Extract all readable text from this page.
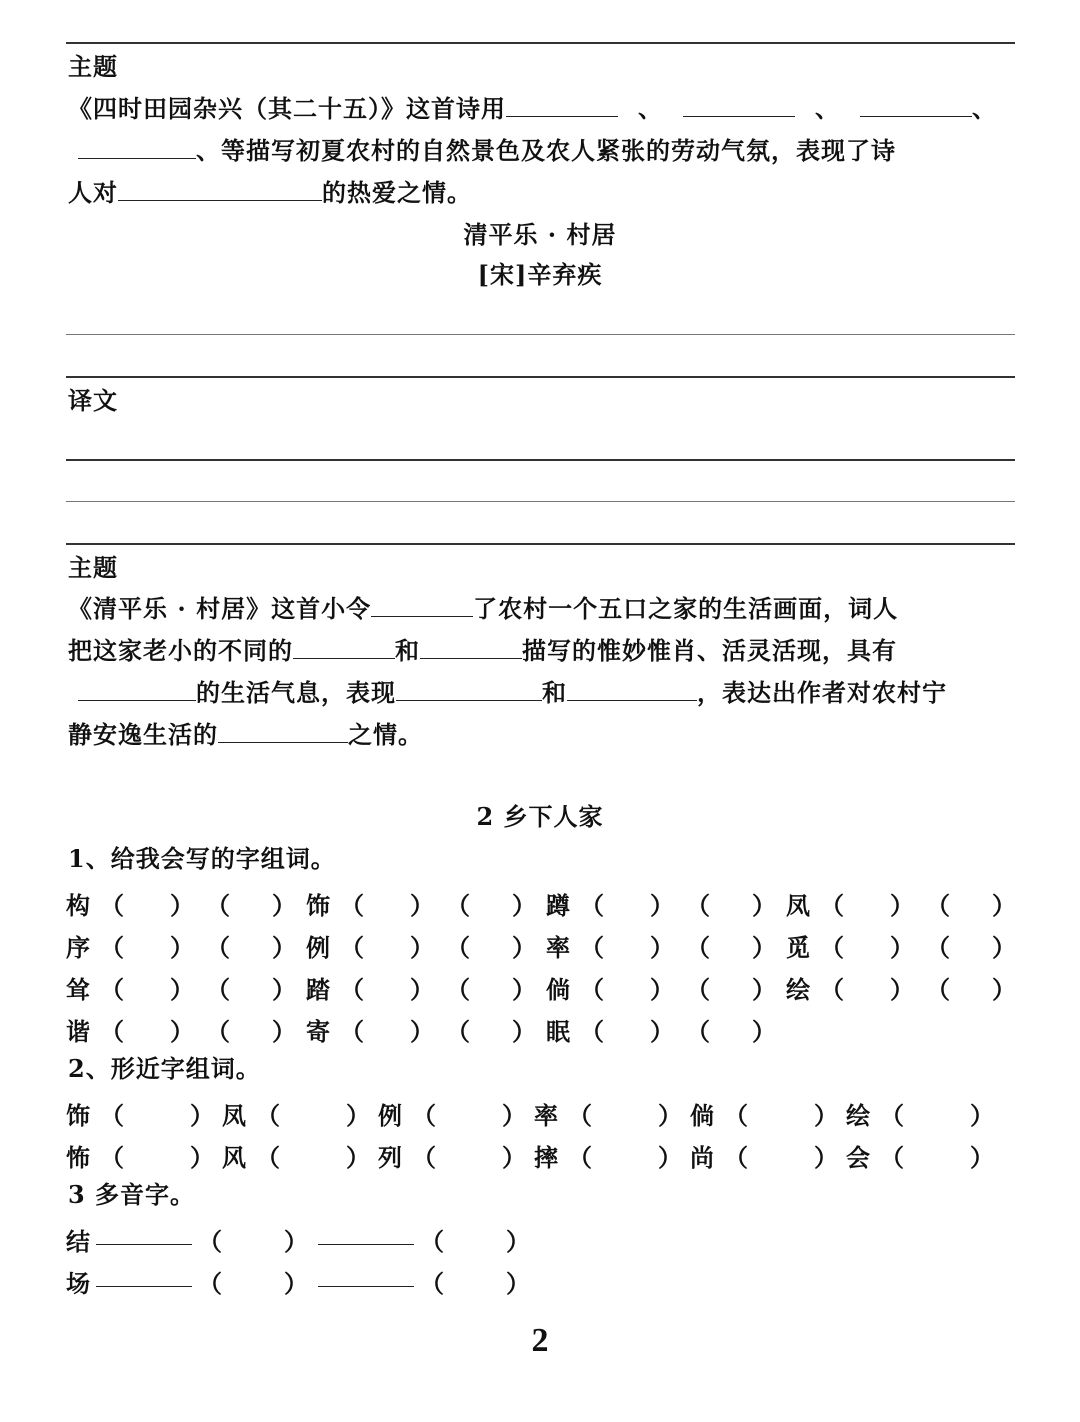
主题
《四时田园杂兴（其二十五）》这首诗用	、	、	、
、等描写初夏农村的自然景色及农人紧张的劳动气氛，表现了诗
人对	的热爱之情。
清平乐 · 村居
[宋]辛弃疾
译文
主题
《清平乐 · 村居》这首小令	了农村一个五口之家的生活画面，词人
把这家老小的不同的	和	描写的惟妙惟肖、活灵活现，具有
的生活气息，表现	和	，表达出作者对农村宁
静安逸生活的	之情。
2 乡下人家
1、给我会写的字组词。
构 （ ） （ ） 饰 （ ） （ ） 蹲 （ ） （ ） 凤 （ ） （ ）
序 （ ） （ ） 例 （ ） （ ） 率 （ ） （ ） 觅 （ ） （ ）
耸 （ ） （ ） 踏 （ ） （ ） 倘 （ ） （ ） 绘 （ ） （ ）
谐 （ ） （ ） 寄 （ ） （ ） 眠 （ ） （ ）
2、形近字组词。
饰 （	） 凤 （	） 例 （	） 率 （	） 倘 （	） 绘 （	）
怖 （	） 风 （	） 列 （	） 摔 （	） 尚 （	） 会 （	）
3 多音字。
结	（	）	（	）
场	（	）	（	）
2
